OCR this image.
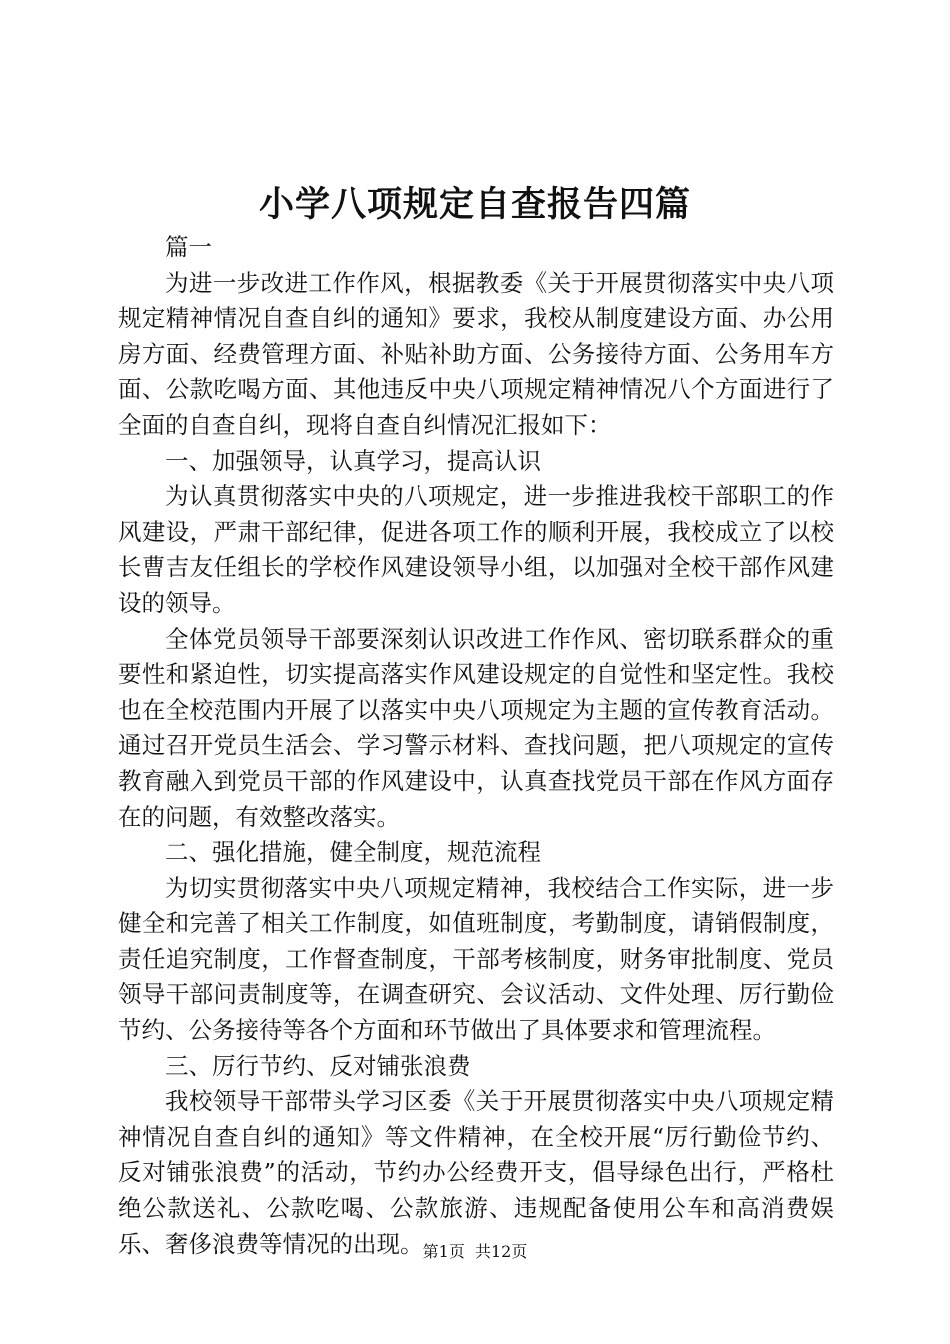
小学八项规定自查报告四篇

篇一

为进一步改进工作作风，根据教委《关于开展贯彻落实中央八项规定精神情况自查自纠的通知》要求，我校从制度建设方面、办公用房方面、经费管理方面、补贴补助方面、公务接待方面、公务用车方面、公款吃喝方面、其他违反中央八项规定精神情况八个方面进行了全面的自查自纠，现将自查自纠情况汇报如下：

一、加强领导，认真学习，提高认识

为认真贯彻落实中央的八项规定，进一步推进我校干部职工的作风建设，严肃干部纪律，促进各项工作的顺利开展，我校成立了以校长曹吉友任组长的学校作风建设领导小组，以加强对全校干部作风建设的领导。

全体党员领导干部要深刻认识改进工作作风、密切联系群众的重要性和紧迫性，切实提高落实作风建设规定的自觉性和坚定性。我校也在全校范围内开展了以落实中央八项规定为主题的宣传教育活动。通过召开党员生活会、学习警示材料、查找问题，把八项规定的宣传教育融入到党员干部的作风建设中，认真查找党员干部在作风方面存在的问题，有效整改落实。

二、强化措施，健全制度，规范流程

为切实贯彻落实中央八项规定精神，我校结合工作实际，进一步健全和完善了相关工作制度，如值班制度，考勤制度，请销假制度，责任追究制度，工作督查制度，干部考核制度，财务审批制度、党员领导干部问责制度等，在调查研究、会议活动、文件处理、厉行勤俭节约、公务接待等各个方面和环节做出了具体要求和管理流程。

三、厉行节约、反对铺张浪费

我校领导干部带头学习区委《关于开展贯彻落实中央八项规定精神情况自查自纠的通知》等文件精神，在全校开展“厉行勤俭节约、反对铺张浪费”的活动，节约办公经费开支，倡导绿色出行，严格杜绝公款送礼、公款吃喝、公款旅游、违规配备使用公车和高消费娱乐、奢侈浪费等情况的出现。 第1页  共12页
